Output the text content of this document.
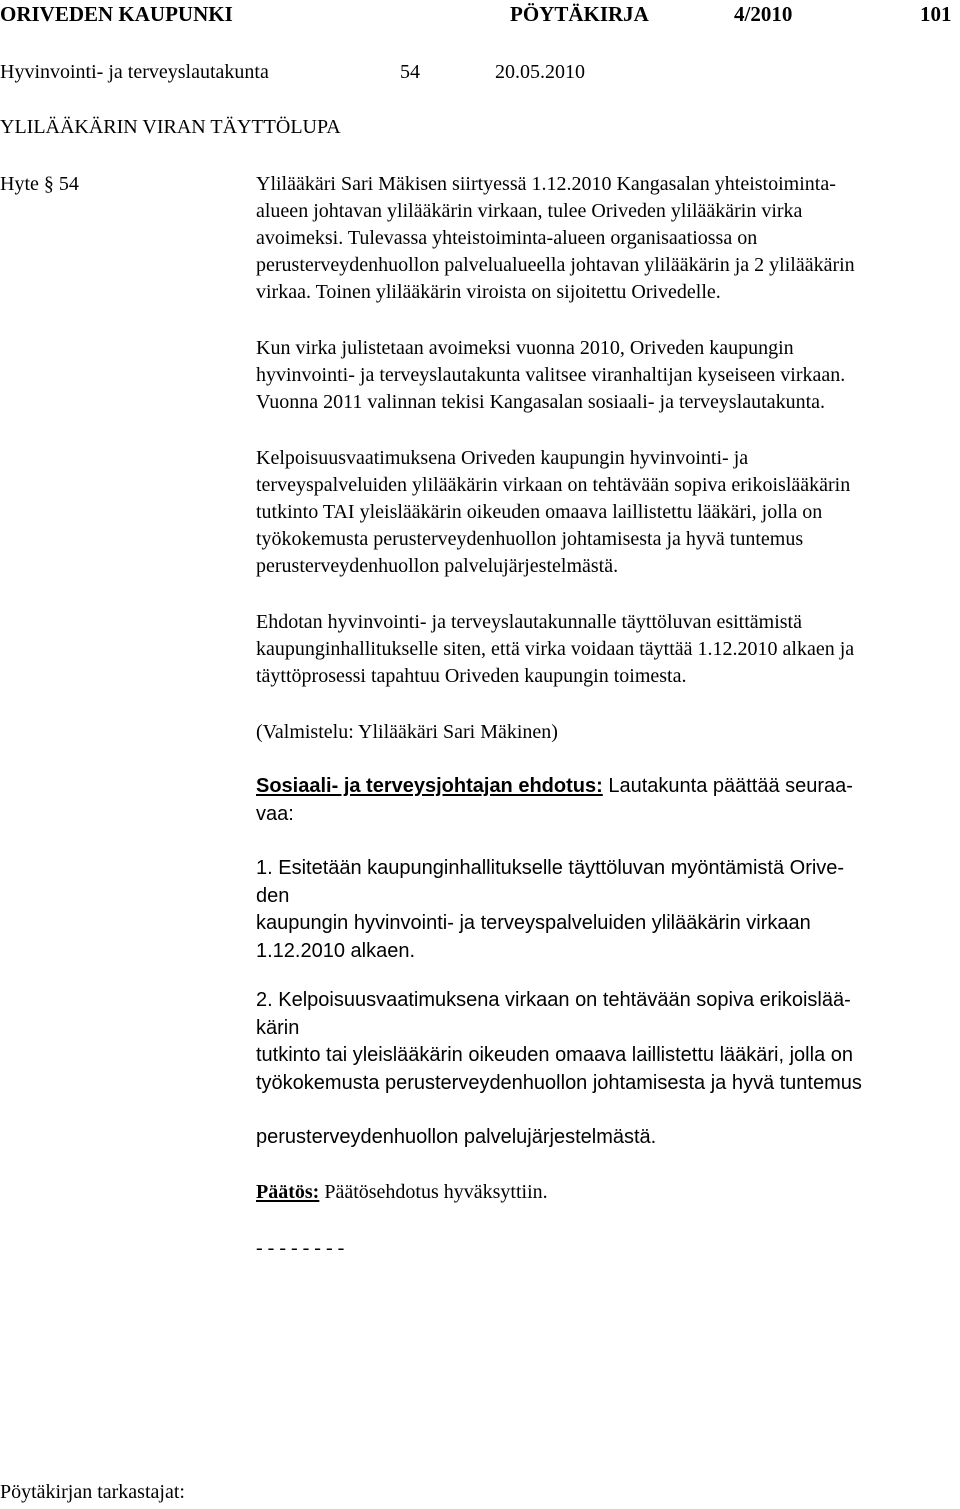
ORIVEDEN KAUPUNKI	PÖYTÄKIRJA	4/2010	101
Hyvinvointi- ja terveyslautakunta	54	20.05.2010
YLILÄÄKÄRIN VIRAN TÄYTTÖLUPA
Hyte § 54	Ylilääkäri Sari Mäkisen siirtyessä 1.12.2010 Kangasalan yhteistoiminta-
alueen johtavan ylilääkärin virkaan, tulee Oriveden ylilääkärin virka
avoimeksi. Tulevassa yhteistoiminta-alueen organisaatiossa on
perusterveydenhuollon palvelualueella johtavan ylilääkärin ja 2 ylilääkärin
virkaa. Toinen ylilääkärin viroista on sijoitettu Orivedelle.
Kun virka julistetaan avoimeksi vuonna 2010, Oriveden kaupungin
hyvinvointi- ja terveyslautakunta valitsee viranhaltijan kyseiseen virkaan.
Vuonna 2011 valinnan tekisi Kangasalan sosiaali- ja terveyslautakunta.
Kelpoisuusvaatimuksena Oriveden kaupungin hyvinvointi- ja
terveyspalveluiden ylilääkärin virkaan on tehtävään sopiva erikoislääkärin
tutkinto TAI yleislääkärin oikeuden omaava laillistettu lääkäri, jolla on
työkokemusta perusterveydenhuollon johtamisesta ja hyvä tuntemus
perusterveydenhuollon palvelujärjestelmästä.
Ehdotan hyvinvointi- ja terveyslautakunnalle täyttöluvan esittämistä
kaupunginhallitukselle siten, että virka voidaan täyttää 1.12.2010 alkaen ja
täyttöprosessi tapahtuu Oriveden kaupungin toimesta.
(Valmistelu: Ylilääkäri Sari Mäkinen)
Sosiaali- ja terveysjohtajan ehdotus: Lautakunta päättää seuraa-
vaa:
1. Esitetään kaupunginhallitukselle täyttöluvan myöntämistä Orive-
den
kaupungin hyvinvointi- ja terveyspalveluiden ylilääkärin virkaan
1.12.2010 alkaen.
2. Kelpoisuusvaatimuksena virkaan on tehtävään sopiva erikoislää-
kärin
tutkinto tai yleislääkärin oikeuden omaava laillistettu lääkäri, jolla on
työkokemusta perusterveydenhuollon johtamisesta ja hyvä tuntemus
perusterveydenhuollon palvelujärjestelmästä.
Päätös: Päätösehdotus hyväksyttiin.
- - - - - - - -
Pöytäkirjan tarkastajat:
